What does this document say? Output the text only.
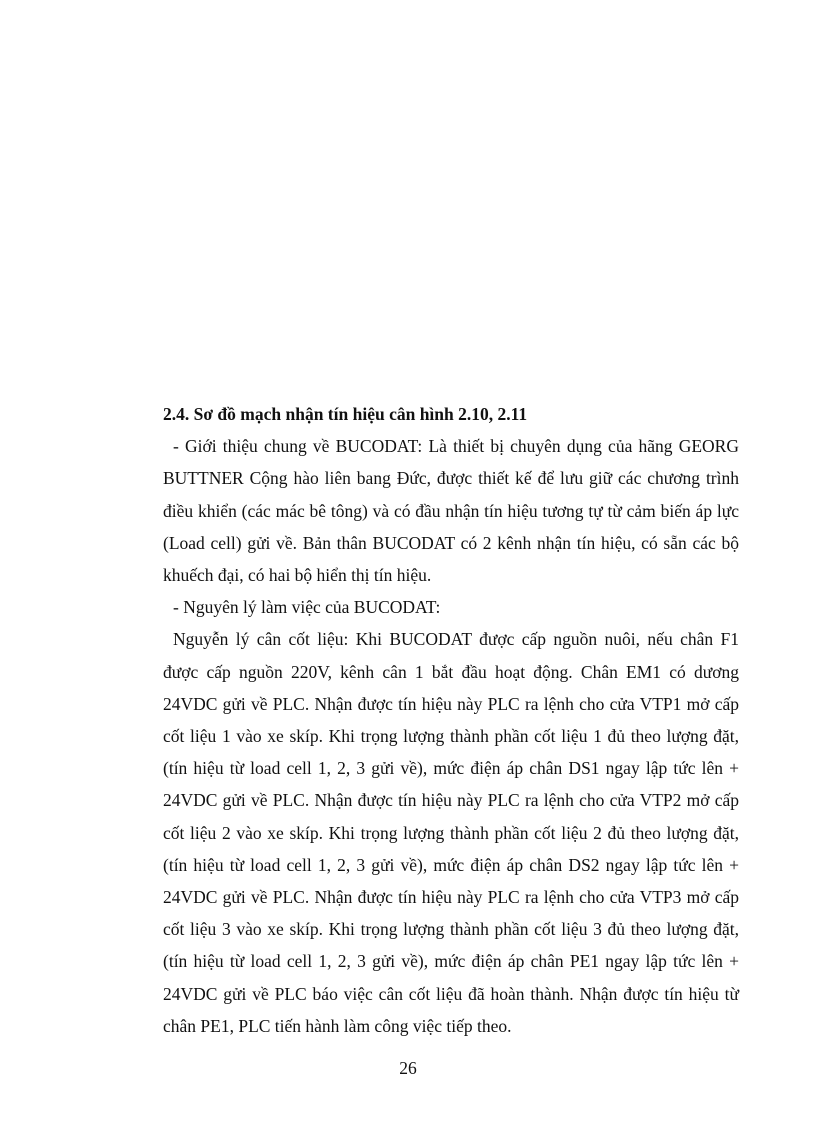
2.4. Sơ đồ mạch nhận tín hiệu cân hình 2.10, 2.11

- Giới thiệu chung về BUCODAT: Là thiết bị chuyên dụng của hãng GEORG BUTTNER Cộng hào liên bang Đức, được thiết kế để lưu giữ các chương trình điều khiển (các mác bê tông) và có đầu nhận tín hiệu tương tự từ cảm biến áp lực (Load cell) gửi về. Bản thân BUCODAT có 2 kênh nhận tín hiệu, có sẵn các bộ khuếch đại, có hai bộ hiển thị tín hiệu.

- Nguyên lý làm việc của BUCODAT:

Nguyễn lý cân cốt liệu: Khi BUCODAT được cấp nguồn nuôi, nếu chân F1 được cấp nguồn 220V, kênh cân 1 bắt đầu hoạt động. Chân EM1 có dương 24VDC gửi về PLC. Nhận được tín hiệu này PLC ra lệnh cho cửa VTP1 mở cấp cốt liệu 1 vào xe skíp. Khi trọng lượng thành phần cốt liệu 1 đủ theo lượng đặt, (tín hiệu từ load cell 1, 2, 3 gửi về), mức điện áp chân DS1 ngay lập tức lên + 24VDC gửi về PLC. Nhận được tín hiệu này PLC ra lệnh cho cửa VTP2 mở cấp cốt liệu 2 vào xe skíp. Khi trọng lượng thành phần cốt liệu 2 đủ theo lượng đặt, (tín hiệu từ load cell 1, 2, 3 gửi về), mức điện áp chân DS2 ngay lập tức lên + 24VDC gửi về PLC. Nhận được tín hiệu này PLC ra lệnh cho cửa VTP3 mở cấp cốt liệu 3 vào xe skíp. Khi trọng lượng thành phần cốt liệu 3 đủ theo lượng đặt, (tín hiệu từ load cell 1, 2, 3 gửi về), mức điện áp chân PE1 ngay lập tức lên + 24VDC gửi về PLC báo việc cân cốt liệu đã hoàn thành. Nhận được tín hiệu từ chân PE1, PLC tiến hành làm công việc tiếp theo.

26
